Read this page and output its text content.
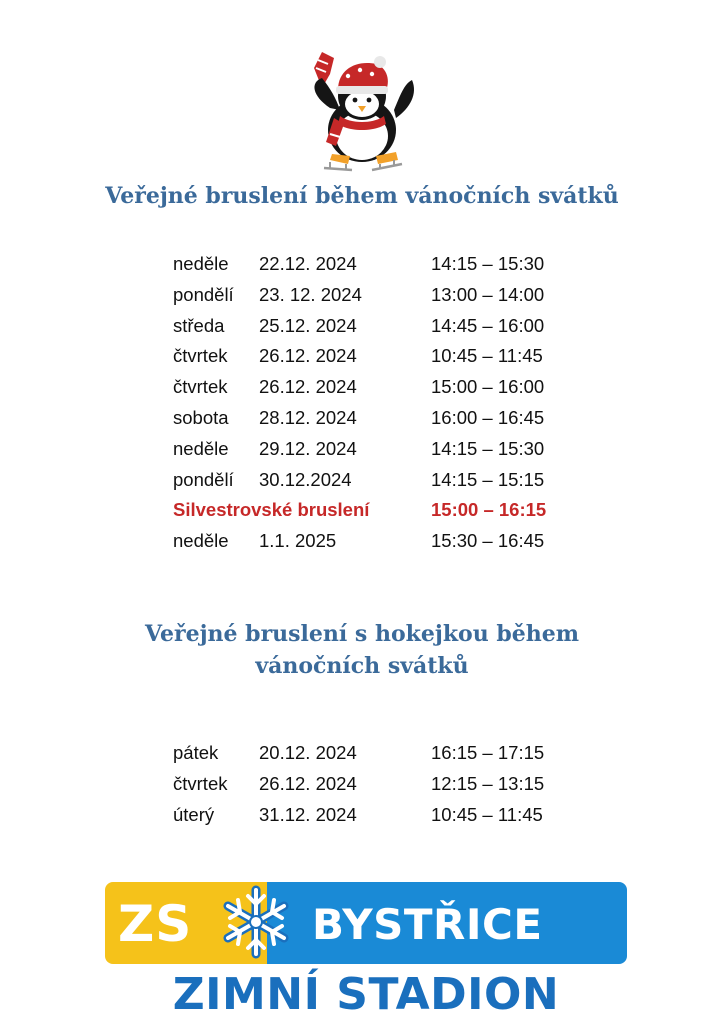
Veřejné bruslení během vánočních svátků
neděle 22.12. 2024	14:15 – 15:30
pondělí 23. 12. 2024	13:00 – 14:00
středa 25.12. 2024	14:45 – 16:00
čtvrtek 26.12. 2024	10:45 – 11:45
čtvrtek 26.12. 2024	15:00 – 16:00
sobota 28.12. 2024	16:00 – 16:45
neděle 29.12. 2024	14:15 – 15:30
pondělí 30.12.2024	14:15 – 15:15
Silvestrovské bruslení	15:00 – 16:15
neděle 1.1. 2025	15:30 – 16:45
Veřejné bruslení s hokejkou během
vánočních svátků
pátek 20.12. 2024	16:15 – 17:15
čtvrtek 26.12. 2024	12:15 – 13:15
úterý 31.12. 2024	10:45 – 11:45
ZS	BYSTŘICE
ZIMNÍ STADION
